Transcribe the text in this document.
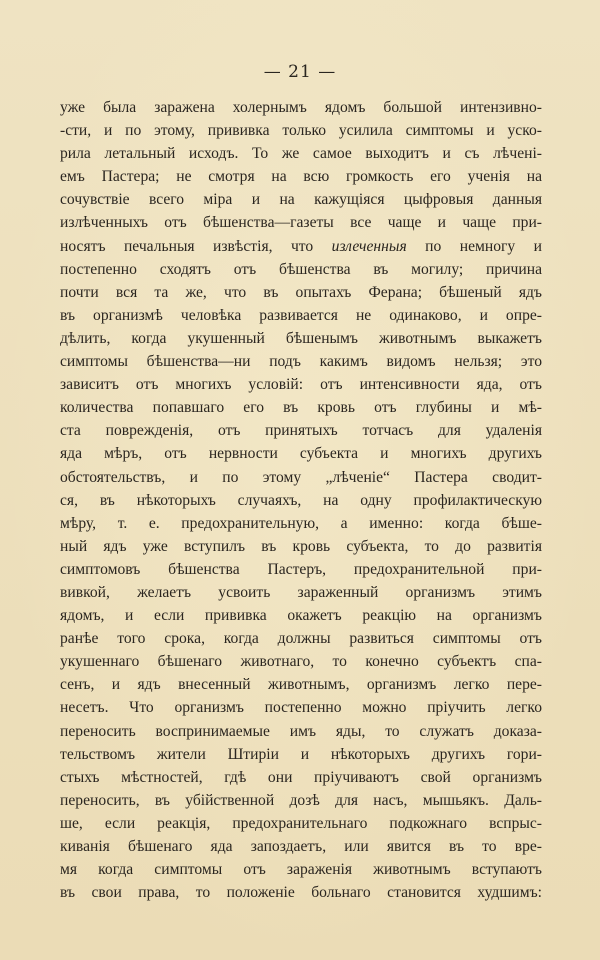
— 21 —
уже была заражена холернымъ ядомъ большой интензивно-
-сти, и по этому, прививка только усилила симптомы и уско-
рила летальный исходъ. То же самое выходитъ и съ лѣчені-
емъ Пастера; не смотря на всю громкость его ученія на
сочувствіе всего міра и на кажущіяся цыфровыя данныя
излѣченныхъ отъ бѣшенства—газеты все чаще и чаще при-
носятъ печальныя извѣстія, что излеченныя по немногу и
постепенно сходятъ отъ бѣшенства въ могилу; причина
почти вся та же, что въ опытахъ Ферана; бѣшеный ядъ
въ организмѣ человѣка развивается не одинаково, и опре-
дѣлить, когда укушенный бѣшенымъ животнымъ выкажетъ
симптомы бѣшенства—ни подъ какимъ видомъ нельзя; это
зависитъ отъ многихъ условій: отъ интенсивности яда, отъ
количества попавшаго его въ кровь отъ глубины и мѣ-
ста поврежденія, отъ принятыхъ тотчасъ для удаленія
яда мѣръ, отъ нервности субъекта и многихъ другихъ
обстоятельствъ, и по этому „лѣченіе“ Пастера сводит-
ся, въ нѣкоторыхъ случаяхъ, на одну профилактическую
мѣру, т. е. предохранительную, а именно: когда бѣше-
ный ядъ уже вступилъ въ кровь субъекта, то до развитія
симптомовъ бѣшенства Пастеръ, предохранительной при-
вивкой, желаетъ усвоить зараженный организмъ этимъ
ядомъ, и если прививка окажетъ реакцію на организмъ
ранѣе того срока, когда должны развиться симптомы отъ
укушеннаго бѣшенаго животнаго, то конечно субъектъ спа-
сенъ, и ядъ внесенный животнымъ, организмъ легко пере-
несетъ. Что организмъ постепенно можно пріучить легко
переносить воспринимаемые имъ яды, то служатъ доказа-
тельствомъ жители Штиріи и нѣкоторыхъ другихъ гори-
стыхъ мѣстностей, гдѣ они пріучиваютъ свой организмъ
переносить, въ убійственной дозѣ для насъ, мышьякъ. Даль-
ше, если реакція, предохранительнаго подкожнаго вспрыс-
киванія бѣшенаго яда запоздаетъ, или явится въ то вре-
мя когда симптомы отъ зараженія животнымъ вступаютъ
въ свои права, то положеніе больнаго становится худшимъ:
